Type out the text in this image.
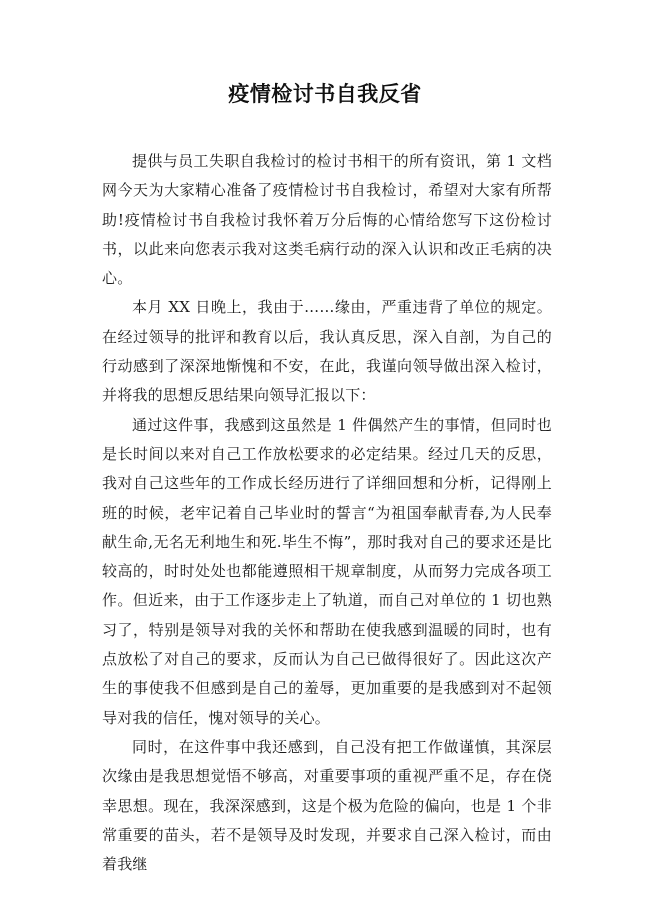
疫情检讨书自我反省

提供与员工失职自我检讨的检讨书相干的所有资讯，第 1 文档网今天为大家精心准备了疫情检讨书自我检讨，希望对大家有所帮助!疫情检讨书自我检讨我怀着万分后悔的心情给您写下这份检讨书，以此来向您表示我对这类毛病行动的深入认识和改正毛病的决心。

本月 XX 日晚上，我由于……缘由，严重违背了单位的规定。在经过领导的批评和教育以后，我认真反思，深入自剖，为自己的行动感到了深深地惭愧和不安，在此，我谨向领导做出深入检讨，并将我的思想反思结果向领导汇报以下：

通过这件事，我感到这虽然是 1 件偶然产生的事情，但同时也是长时间以来对自己工作放松要求的必定结果。经过几天的反思，我对自己这些年的工作成长经历进行了详细回想和分析，记得刚上班的时候，老牢记着自己毕业时的誓言“为祖国奉献青春,为人民奉献生命,无名无利地生和死.毕生不悔”，那时我对自己的要求还是比较高的，时时处处也都能遵照相干规章制度，从而努力完成各项工作。但近来，由于工作逐步走上了轨道，而自己对单位的 1 切也熟习了，特别是领导对我的关怀和帮助在使我感到温暖的同时，也有点放松了对自己的要求，反而认为自己已做得很好了。因此这次产生的事使我不但感到是自己的羞辱，更加重要的是我感到对不起领导对我的信任，愧对领导的关心。

同时，在这件事中我还感到，自己没有把工作做谨慎，其深层次缘由是我思想觉悟不够高，对重要事项的重视严重不足，存在侥幸思想。现在，我深深感到，这是个极为危险的偏向，也是 1 个非常重要的苗头，若不是领导及时发现，并要求自己深入检讨，而由着我继
